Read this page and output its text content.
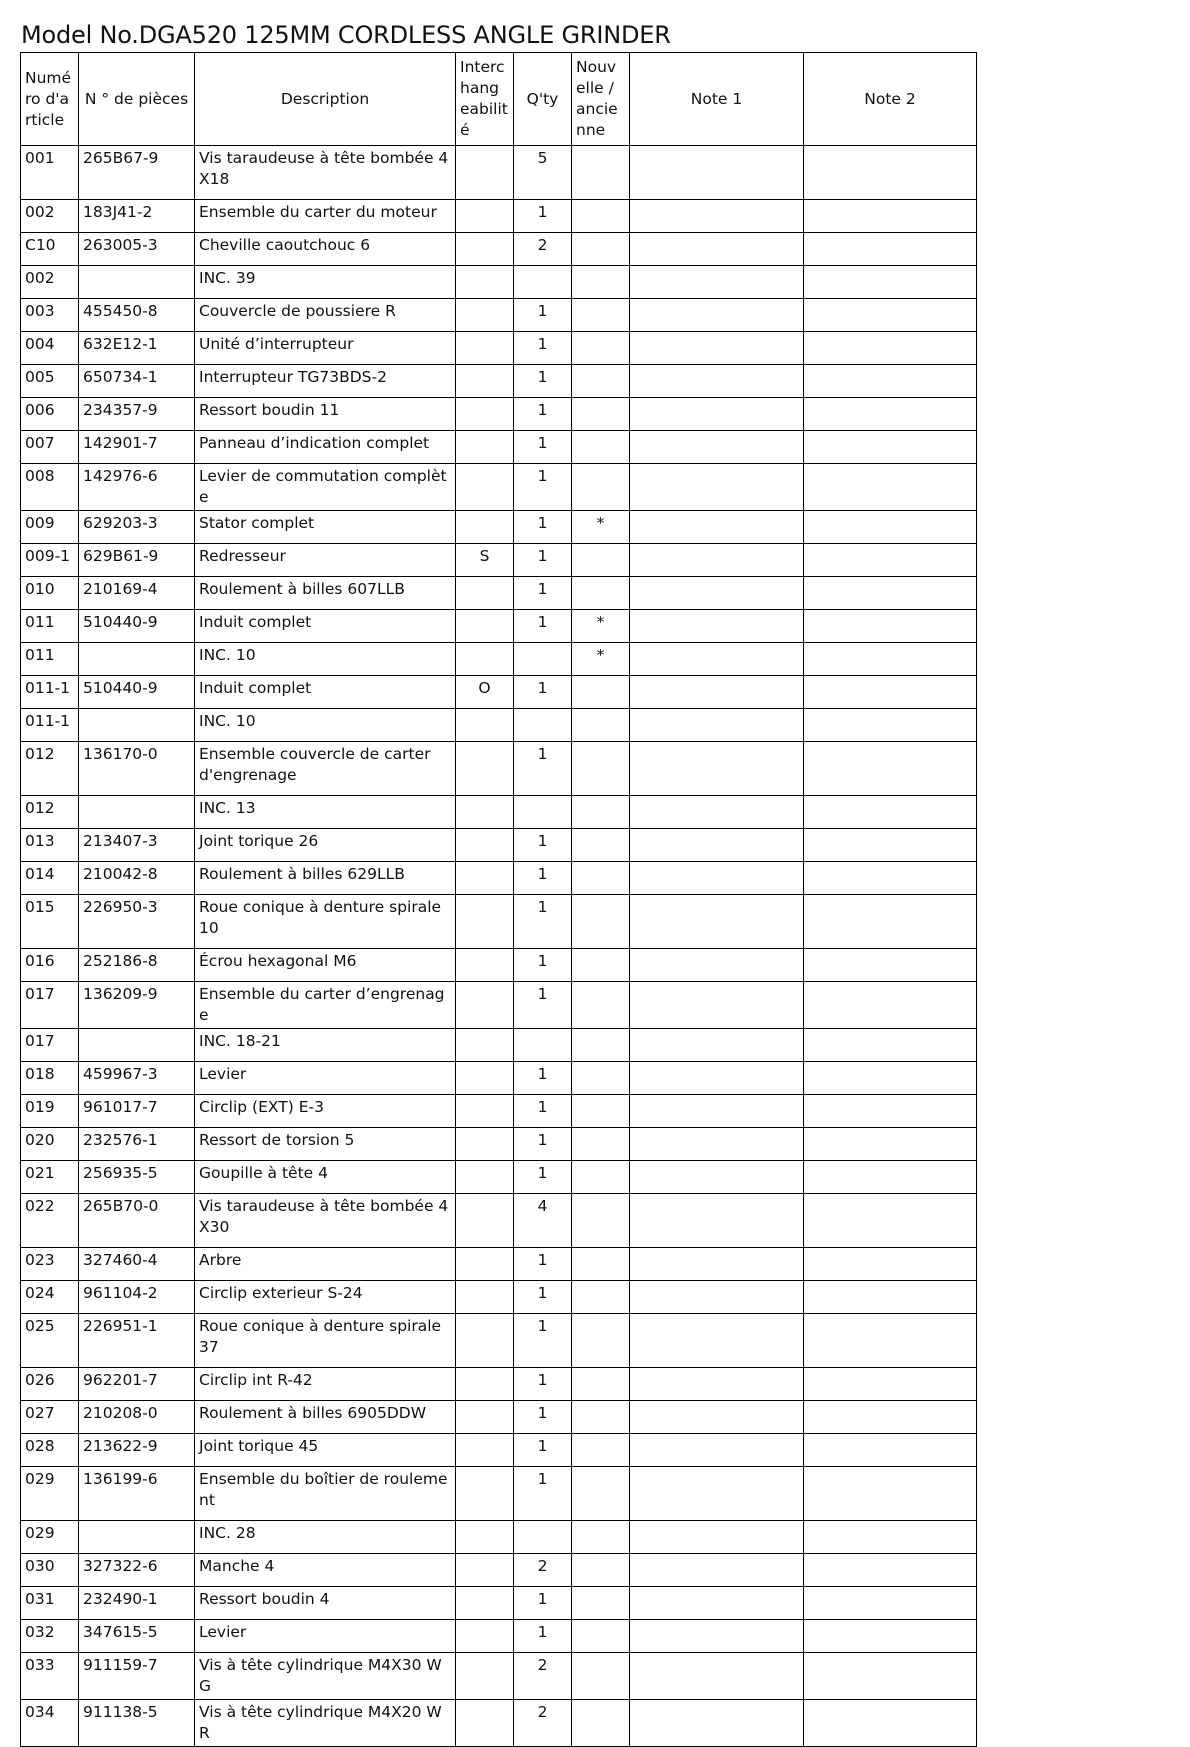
Model No.DGA520 125MM CORDLESS ANGLE GRINDER
Numé ro d'a rticle	N ° de pièces	Description	Interc hang eabilit é	Q'ty	Nouv elle / ancie nne	Note 1	Note 2
001	265B67-9	Vis taraudeuse à tête bombée 4X18		5			
002	183J41-2	Ensemble du carter du moteur		1			
C10	263005-3	Cheville caoutchouc 6		2			
002		INC. 39					
003	455450-8	Couvercle de poussiere R		1			
004	632E12-1	Unité d’interrupteur		1			
005	650734-1	Interrupteur TG73BDS-2		1			
006	234357-9	Ressort boudin 11		1			
007	142901-7	Panneau d’indication complet		1			
008	142976-6	Levier de commutation complète		1			
009	629203-3	Stator complet		1	*		
009-1	629B61-9	Redresseur	S	1			
010	210169-4	Roulement à billes 607LLB		1			
011	510440-9	Induit complet		1	*		
011		INC. 10			*		
011-1	510440-9	Induit complet	O	1			
011-1		INC. 10					
012	136170-0	Ensemble couvercle de carter d'engrenage		1			
012		INC. 13					
013	213407-3	Joint torique 26		1			
014	210042-8	Roulement à billes 629LLB		1			
015	226950-3	Roue conique à denture spirale 10		1			
016	252186-8	Écrou hexagonal M6		1			
017	136209-9	Ensemble du carter d’engrenage		1			
017		INC. 18-21					
018	459967-3	Levier		1			
019	961017-7	Circlip (EXT) E-3		1			
020	232576-1	Ressort de torsion 5		1			
021	256935-5	Goupille à tête 4		1			
022	265B70-0	Vis taraudeuse à tête bombée 4X30		4			
023	327460-4	Arbre		1			
024	961104-2	Circlip exterieur S-24		1			
025	226951-1	Roue conique à denture spirale 37		1			
026	962201-7	Circlip int R-42		1			
027	210208-0	Roulement à billes 6905DDW		1			
028	213622-9	Joint torique 45		1			
029	136199-6	Ensemble du boîtier de roulement		1			
029		INC. 28					
030	327322-6	Manche 4		2			
031	232490-1	Ressort boudin 4		1			
032	347615-5	Levier		1			
033	911159-7	Vis à tête cylindrique M4X30 WG		2			
034	911138-5	Vis à tête cylindrique M4X20 WR		2			
